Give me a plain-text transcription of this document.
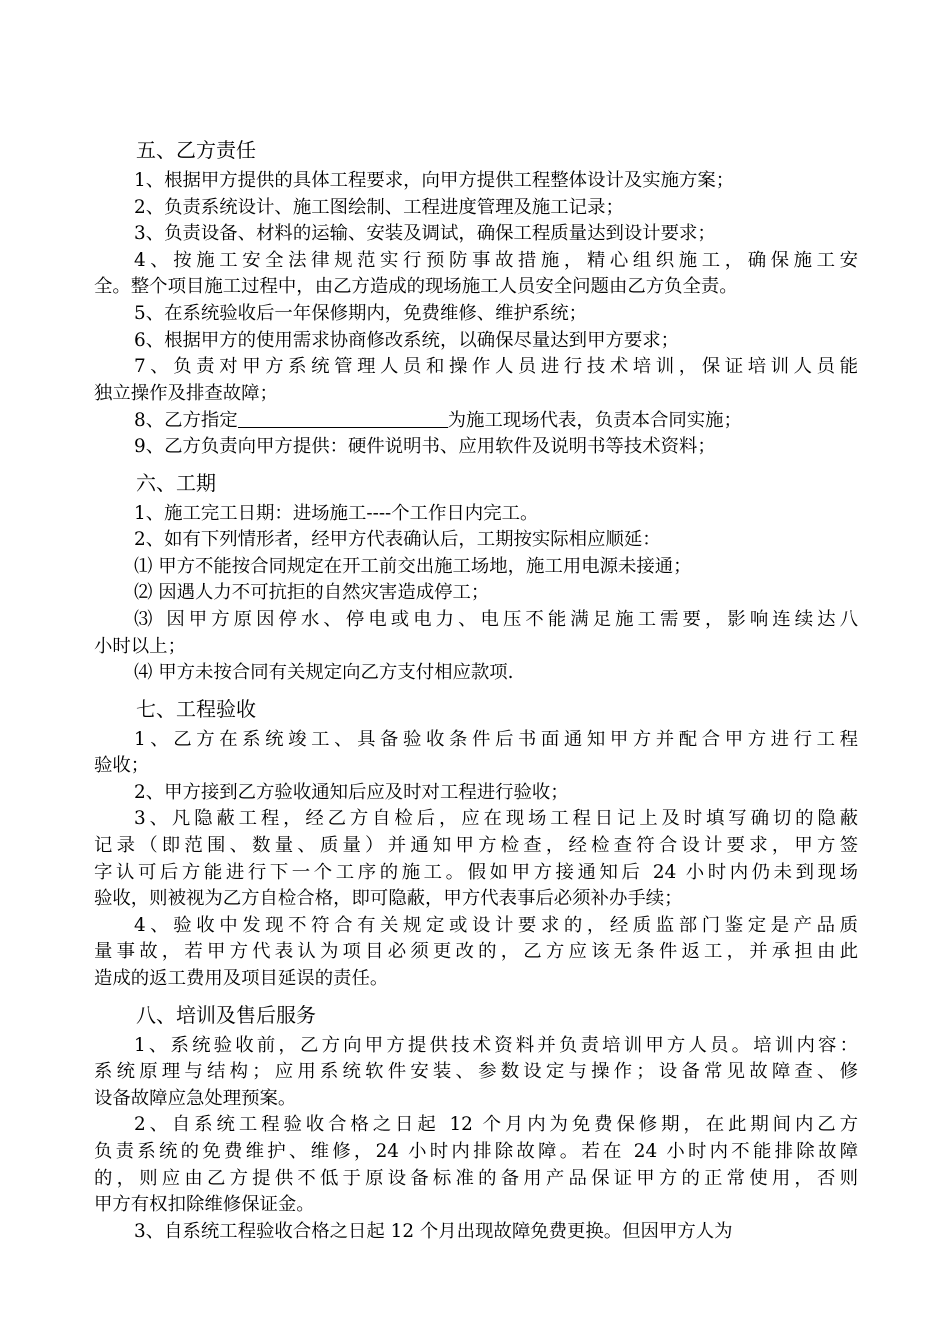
五、乙方责任
1、根据甲方提供的具体工程要求，向甲方提供工程整体设计及实施方案；
2、负责系统设计、施工图绘制、工程进度管理及施工记录；
3、负责设备、材料的运输、安装及调试，确保工程质量达到设计要求；
4、按施工安全法律规范实行预防事故措施，精心组织施工，确保施工安
全。整个项目施工过程中，由乙方造成的现场施工人员安全问题由乙方负全责。
5、在系统验收后一年保修期内，免费维修、维护系统；
6、根据甲方的使用需求协商修改系统，以确保尽量达到甲方要求；
7、负责对甲方系统管理人员和操作人员进行技术培训，保证培训人员能
独立操作及排查故障；
8、乙方指定	为施工现场代表，负责本合同实施；
9、乙方负责向甲方提供：硬件说明书、应用软件及说明书等技术资料；
六、工期
1、施工完工日期：进场施工----个工作日内完工。
2、如有下列情形者，经甲方代表确认后，工期按实际相应顺延：
⑴ 甲方不能按合同规定在开工前交出施工场地，施工用电源未接通；
⑵ 因遇人力不可抗拒的自然灾害造成停工；
⑶ 因甲方原因停水、停电或电力、电压不能满足施工需要，影响连续达八
小时以上；
⑷ 甲方未按合同有关规定向乙方支付相应款项.
七、工程验收
1、乙方在系统竣工、具备验收条件后书面通知甲方并配合甲方进行工程
验收；
2、甲方接到乙方验收通知后应及时对工程进行验收；
3、凡隐蔽工程，经乙方自检后，应在现场工程日记上及时填写确切的隐蔽
记录（即范围、数量、质量）并通知甲方检查，经检查符合设计要求，甲方签
字认可后方能进行下一个工序的施工。假如甲方接通知后 24 小时内仍未到现场
验收，则被视为乙方自检合格，即可隐蔽，甲方代表事后必须补办手续；
4、验收中发现不符合有关规定或设计要求的，经质监部门鉴定是产品质
量事故，若甲方代表认为项目必须更改的，乙方应该无条件返工，并承担由此
造成的返工费用及项目延误的责任。
八、培训及售后服务
1、系统验收前，乙方向甲方提供技术资料并负责培训甲方人员。培训内容：
系统原理与结构；应用系统软件安装、参数设定与操作；设备常见故障查、修
设备故障应急处理预案。
2、自系统工程验收合格之日起 12 个月内为免费保修期，在此期间内乙方
负责系统的免费维护、维修，24 小时内排除故障。若在 24 小时内不能排除故障
的，则应由乙方提供不低于原设备标准的备用产品保证甲方的正常使用，否则
甲方有权扣除维修保证金。
3、自系统工程验收合格之日起 12 个月出现故障免费更换。但因甲方人为
